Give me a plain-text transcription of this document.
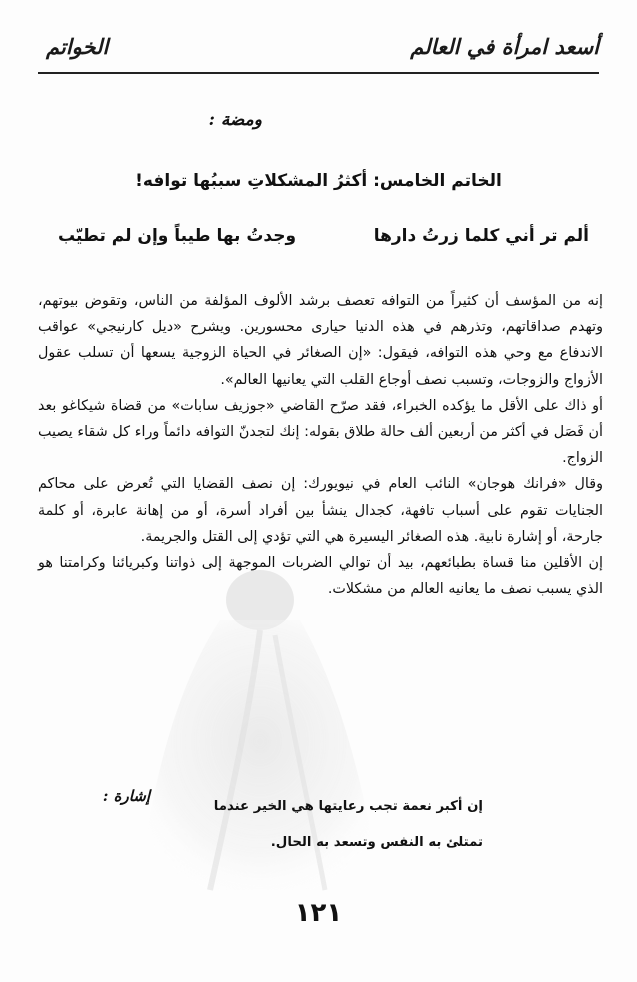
أسعد امرأة في العالم
الخواتم
ومضة :
الخاتم الخامس: أكثرُ المشكلاتِ سببُها توافه!
ألم تر أني كلما زرتُ دارها
وجدتُ بها طيباً وإن لم تطيّب

إنه من المؤسف أن كثيراً من التوافه تعصف برشد الألوف المؤلفة من الناس، وتقوض بيوتهم، وتهدم صداقاتهم، وتذرهم في هذه الدنيا حيارى محسورين. ويشرح «ديل كارنيجي» عواقب الاندفاع مع وحي هذه التوافه، فيقول: «إن الصغائر في الحياة الزوجية يسعها أن تسلب عقول الأزواج والزوجات، وتسبب نصف أوجاع القلب التي يعانيها العالم».

أو ذاك على الأقل ما يؤكده الخبراء، فقد صرّح القاضي «جوزيف سابات» من قضاة شيكاغو بعد أن فَصَل في أكثر من أربعين ألف حالة طلاق بقوله: إنك لتجدنّ التوافه دائماً وراء كل شقاء يصيب الزواج.

وقال «فرانك هوجان» النائب العام في نيويورك: إن نصف القضايا التي تُعرض على محاكم الجنايات تقوم على أسباب تافهة، كجدال ينشأ بين أفراد أسرة، أو من إهانة عابرة، أو كلمة جارحة، أو إشارة نابية. هذه الصغائر اليسيرة هي التي تؤدي إلى القتل والجريمة.

إن الأقلين منا قساة بطبائعهم، بيد أن توالي الضربات الموجهة إلى ذواتنا وكبريائنا وكرامتنا هو الذي يسبب نصف ما يعانيه العالم من مشكلات.

إشارة :
إن أكبر نعمة تجب رعايتها هي الخير عندما
تمتلئ به النفس وتسعد به الحال.
١٢١
